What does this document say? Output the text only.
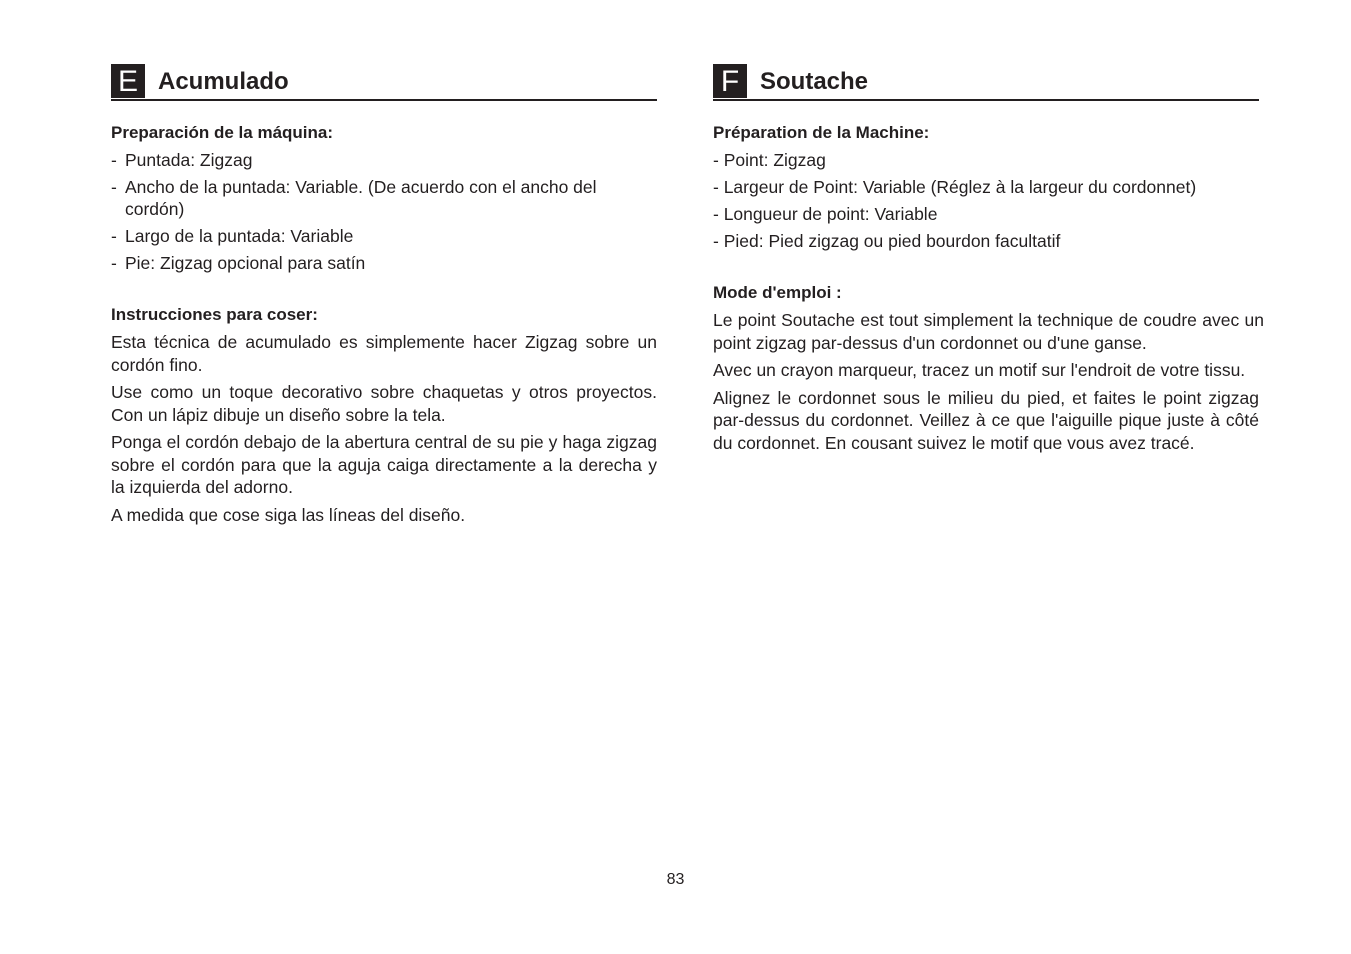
E Acumulado
Preparación de la máquina:
- Puntada: Zigzag
- Ancho de la puntada: Variable. (De acuerdo con el ancho del cordón)
- Largo de la puntada: Variable
- Pie: Zigzag opcional para satín
Instrucciones para coser:

Esta técnica de acumulado es simplemente hacer Zigzag sobre un cordón fino.

Use como un toque decorativo sobre chaquetas y otros proyectos. Con un lápiz dibuje un diseño sobre la tela.

Ponga el cordón debajo de la abertura central de su pie y haga zigzag sobre el cordón para que la aguja caiga directamente a la derecha y la izquierda del adorno.

A medida que cose siga las líneas del diseño.

F Soutache
Préparation de la Machine:
- Point: Zigzag
- Largeur de Point: Variable (Réglez à la largeur du cordonnet)
- Longueur de point: Variable
- Pied: Pied zigzag ou pied bourdon facultatif
Mode d'emploi :

Le point Soutache est tout simplement la technique de coudre avec un point zigzag par-dessus d'un cordonnet ou d'une ganse.

Avec un crayon marqueur, tracez un motif sur l'endroit de votre tissu.

Alignez le cordonnet sous le milieu du pied, et faites le point zigzag par-dessus du cordonnet. Veillez à ce que l'aiguille pique juste à côté du cordonnet. En cousant suivez le motif que vous avez tracé.

83
